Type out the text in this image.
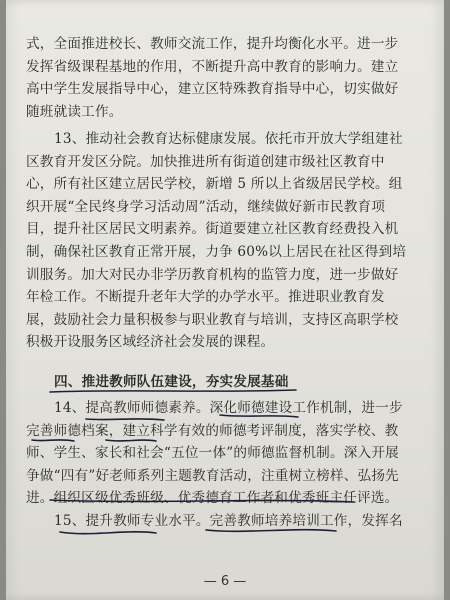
式，全面推进校长、教师交流工作，提升均衡化水平。进一步
发挥省级课程基地的作用，不断提升高中教育的影响力。建立
高中学生发展指导中心，建立区特殊教育指导中心，切实做好
随班就读工作。
13、推动社会教育达标健康发展。依托市开放大学组建社
区教育开发区分院。加快推进所有街道创建市级社区教育中
心，所有社区建立居民学校，新增 5 所以上省级居民学校。组
织开展“全民终身学习活动周”活动，继续做好新市民教育项
目，提升社区居民文明素养。街道要建立社区教育经费投入机
制，确保社区教育正常开展，力争 60%以上居民在社区得到培
训服务。加大对民办非学历教育机构的监管力度，进一步做好
年检工作。不断提升老年大学的办学水平。推进职业教育发
展，鼓励社会力量积极参与职业教育与培训，支持区高职学校
积极开设服务区域经济社会发展的课程。
四、推进教师队伍建设，夯实发展基础
14、提高教师师德素养。深化师德建设工作机制，进一步
完善师德档案，建立科学有效的师德考评制度，落实学校、教
师、学生、家长和社会“五位一体”的师德监督机制。深入开展
争做“四有”好老师系列主题教育活动，注重树立榜样、弘扬先
进。组织区级优秀班级、优秀德育工作者和优秀班主任评选。
15、提升教师专业水平。完善教师培养培训工作，发挥名
— 6 —
